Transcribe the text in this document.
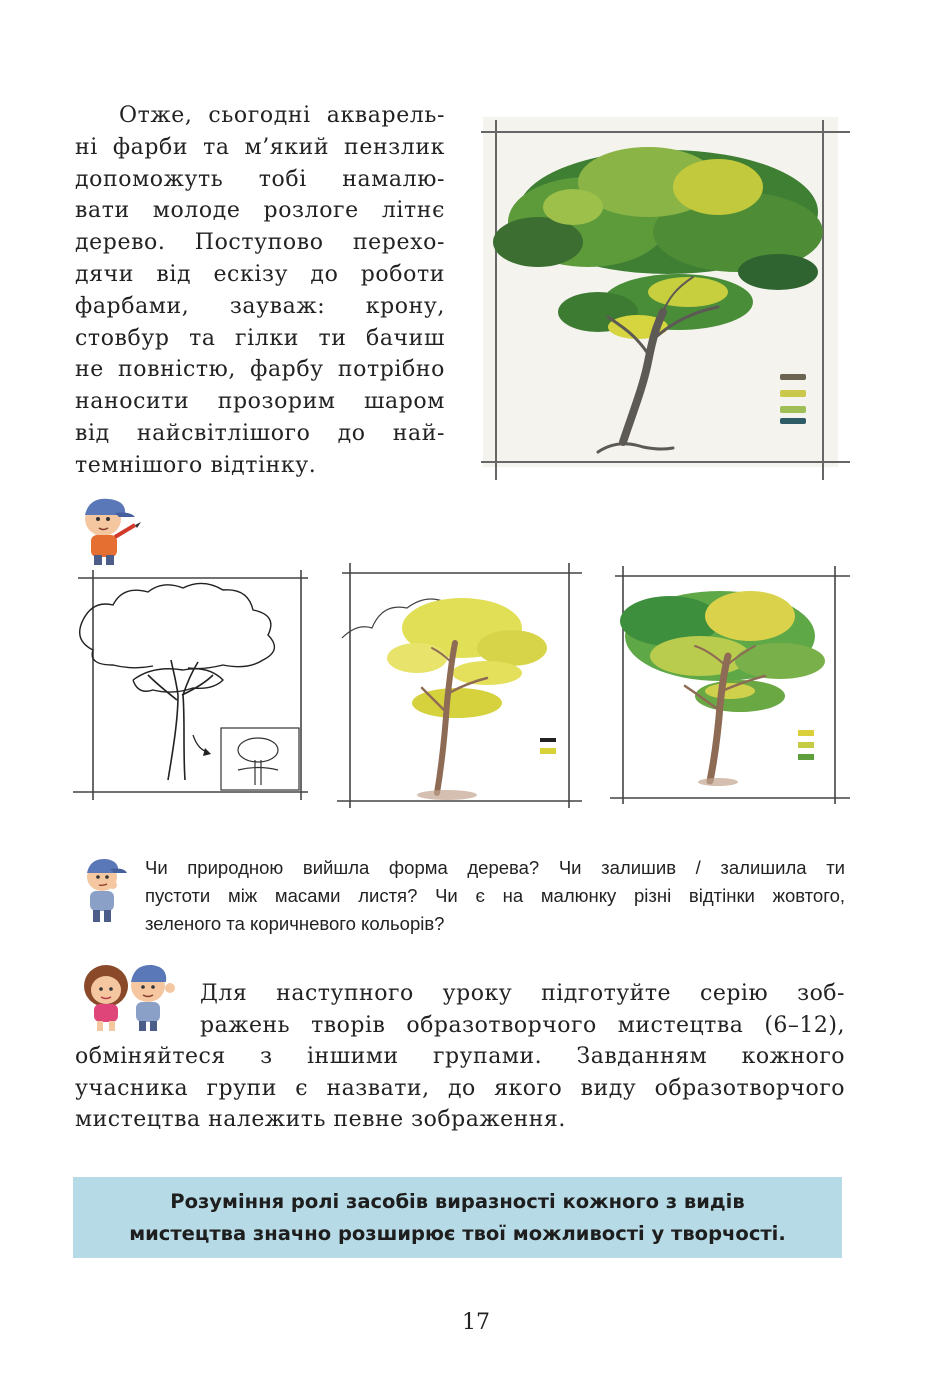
Отже, сьогодні акварель-
ні фарби та м’який пензлик
допоможуть тобі намалю-
вати молоде розлоге літнє
дерево. Поступово перехо-
дячи від ескізу до роботи
фарбами, зауваж: крону,
стовбур та гілки ти бачиш
не повністю, фарбу потрібно
наносити прозорим шаром
від найсвітлішого до най-
темнішого відтінку.
Чи природною вийшла форма дерева? Чи залишив / залишила ти
пустоти між масами листя? Чи є на малюнку різні відтінки жовтого,
зеленого та коричневого кольорів?
Для наступного уроку підготуйте серію зоб-
ражень творів образотворчого мистецтва (6–12),
обміняйтеся з іншими групами. Завданням кожного
учасника групи є назвати, до якого виду образотворчого
мистецтва належить певне зображення.
Розуміння ролі засобів виразності кожного з видів
мистецтва значно розширює твої можливості у творчості.
17
